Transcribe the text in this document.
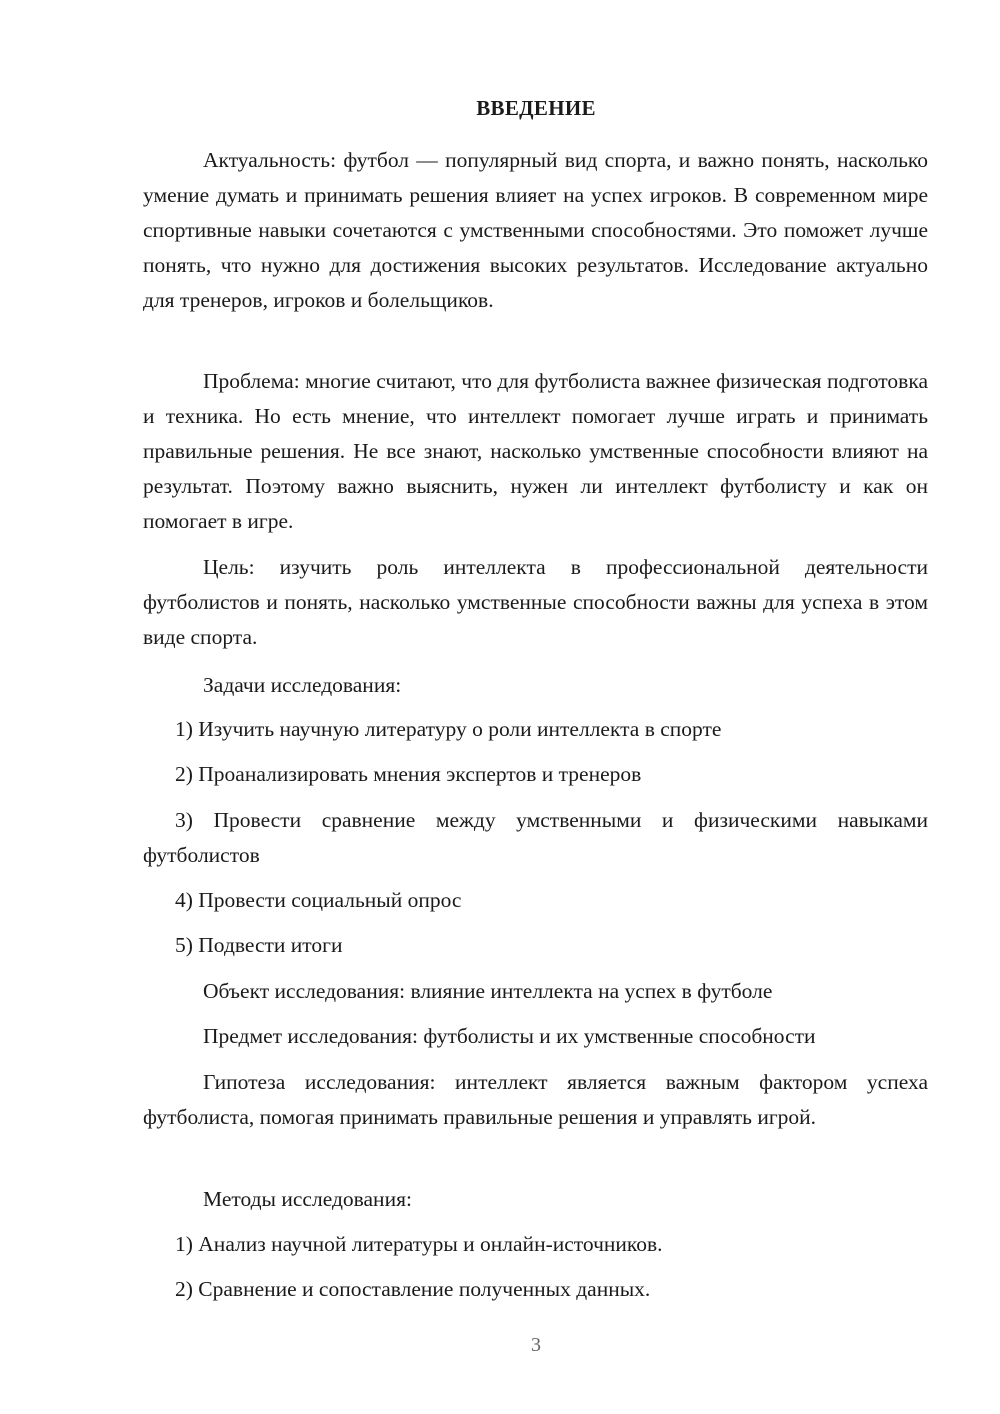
ВВЕДЕНИЕ

Актуальность: футбол — популярный вид спорта, и важно понять, насколько умение думать и принимать решения влияет на успех игроков. В современном мире спортивные навыки сочетаются с умственными способностями. Это поможет лучше понять, что нужно для достижения высоких результатов. Исследование актуально для тренеров, игроков и болельщиков.

Проблема: многие считают, что для футболиста важнее физическая подготовка и техника. Но есть мнение, что интеллект помогает лучше играть и принимать правильные решения. Не все знают, насколько умственные способности влияют на результат. Поэтому важно выяснить, нужен ли интеллект футболисту и как он помогает в игре.

Цель: изучить роль интеллекта в профессиональной деятельности футболистов и понять, насколько умственные способности важны для успеха в этом виде спорта.

Задачи исследования:

1) Изучить научную литературу о роли интеллекта в спорте

2) Проанализировать мнения экспертов и тренеров

3) Провести сравнение между умственными и физическими навыками футболистов

4) Провести социальный опрос

5) Подвести итоги

Объект исследования: влияние интеллекта на успех в футболе

Предмет исследования: футболисты и их умственные способности

Гипотеза исследования: интеллект является важным фактором успеха футболиста, помогая принимать правильные решения и управлять игрой.

Методы исследования:

1) Анализ научной литературы и онлайн-источников.

2) Сравнение и сопоставление полученных данных.

3
